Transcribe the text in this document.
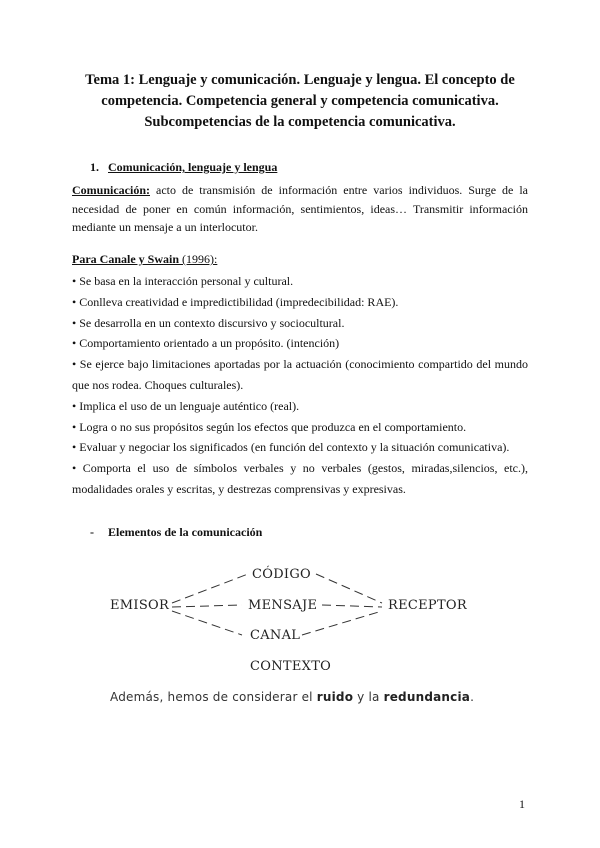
Tema 1: Lenguaje y comunicación. Lenguaje y lengua. El concepto de competencia. Competencia general y competencia comunicativa. Subcompetencias de la competencia comunicativa.
1. Comunicación, lenguaje y lengua
Comunicación: acto de transmisión de información entre varios individuos. Surge de la necesidad de poner en común información, sentimientos, ideas… Transmitir información mediante un mensaje a un interlocutor.
Para Canale y Swain (1996):
• Se basa en la interacción personal y cultural.
• Conlleva creatividad e impredictibilidad (impredecibilidad: RAE).
• Se desarrolla en un contexto discursivo y sociocultural.
• Comportamiento orientado a un propósito. (intención)
• Se ejerce bajo limitaciones aportadas por la actuación (conocimiento compartido del mundo que nos rodea. Choques culturales).
• Implica el uso de un lenguaje auténtico (real).
• Logra o no sus propósitos según los efectos que produzca en el comportamiento.
• Evaluar y negociar los significados (en función del contexto y la situación comunicativa).
• Comporta el uso de símbolos verbales y no verbales (gestos, miradas,silencios, etc.), modalidades orales y escritas, y destrezas comprensivas y expresivas.
- Elementos de la comunicación
EMISOR
CÓDIGO
MENSAJE	RECEPTOR
CANAL
CONTEXTO
Además, hemos de considerar el ruido y la redundancia.
1
